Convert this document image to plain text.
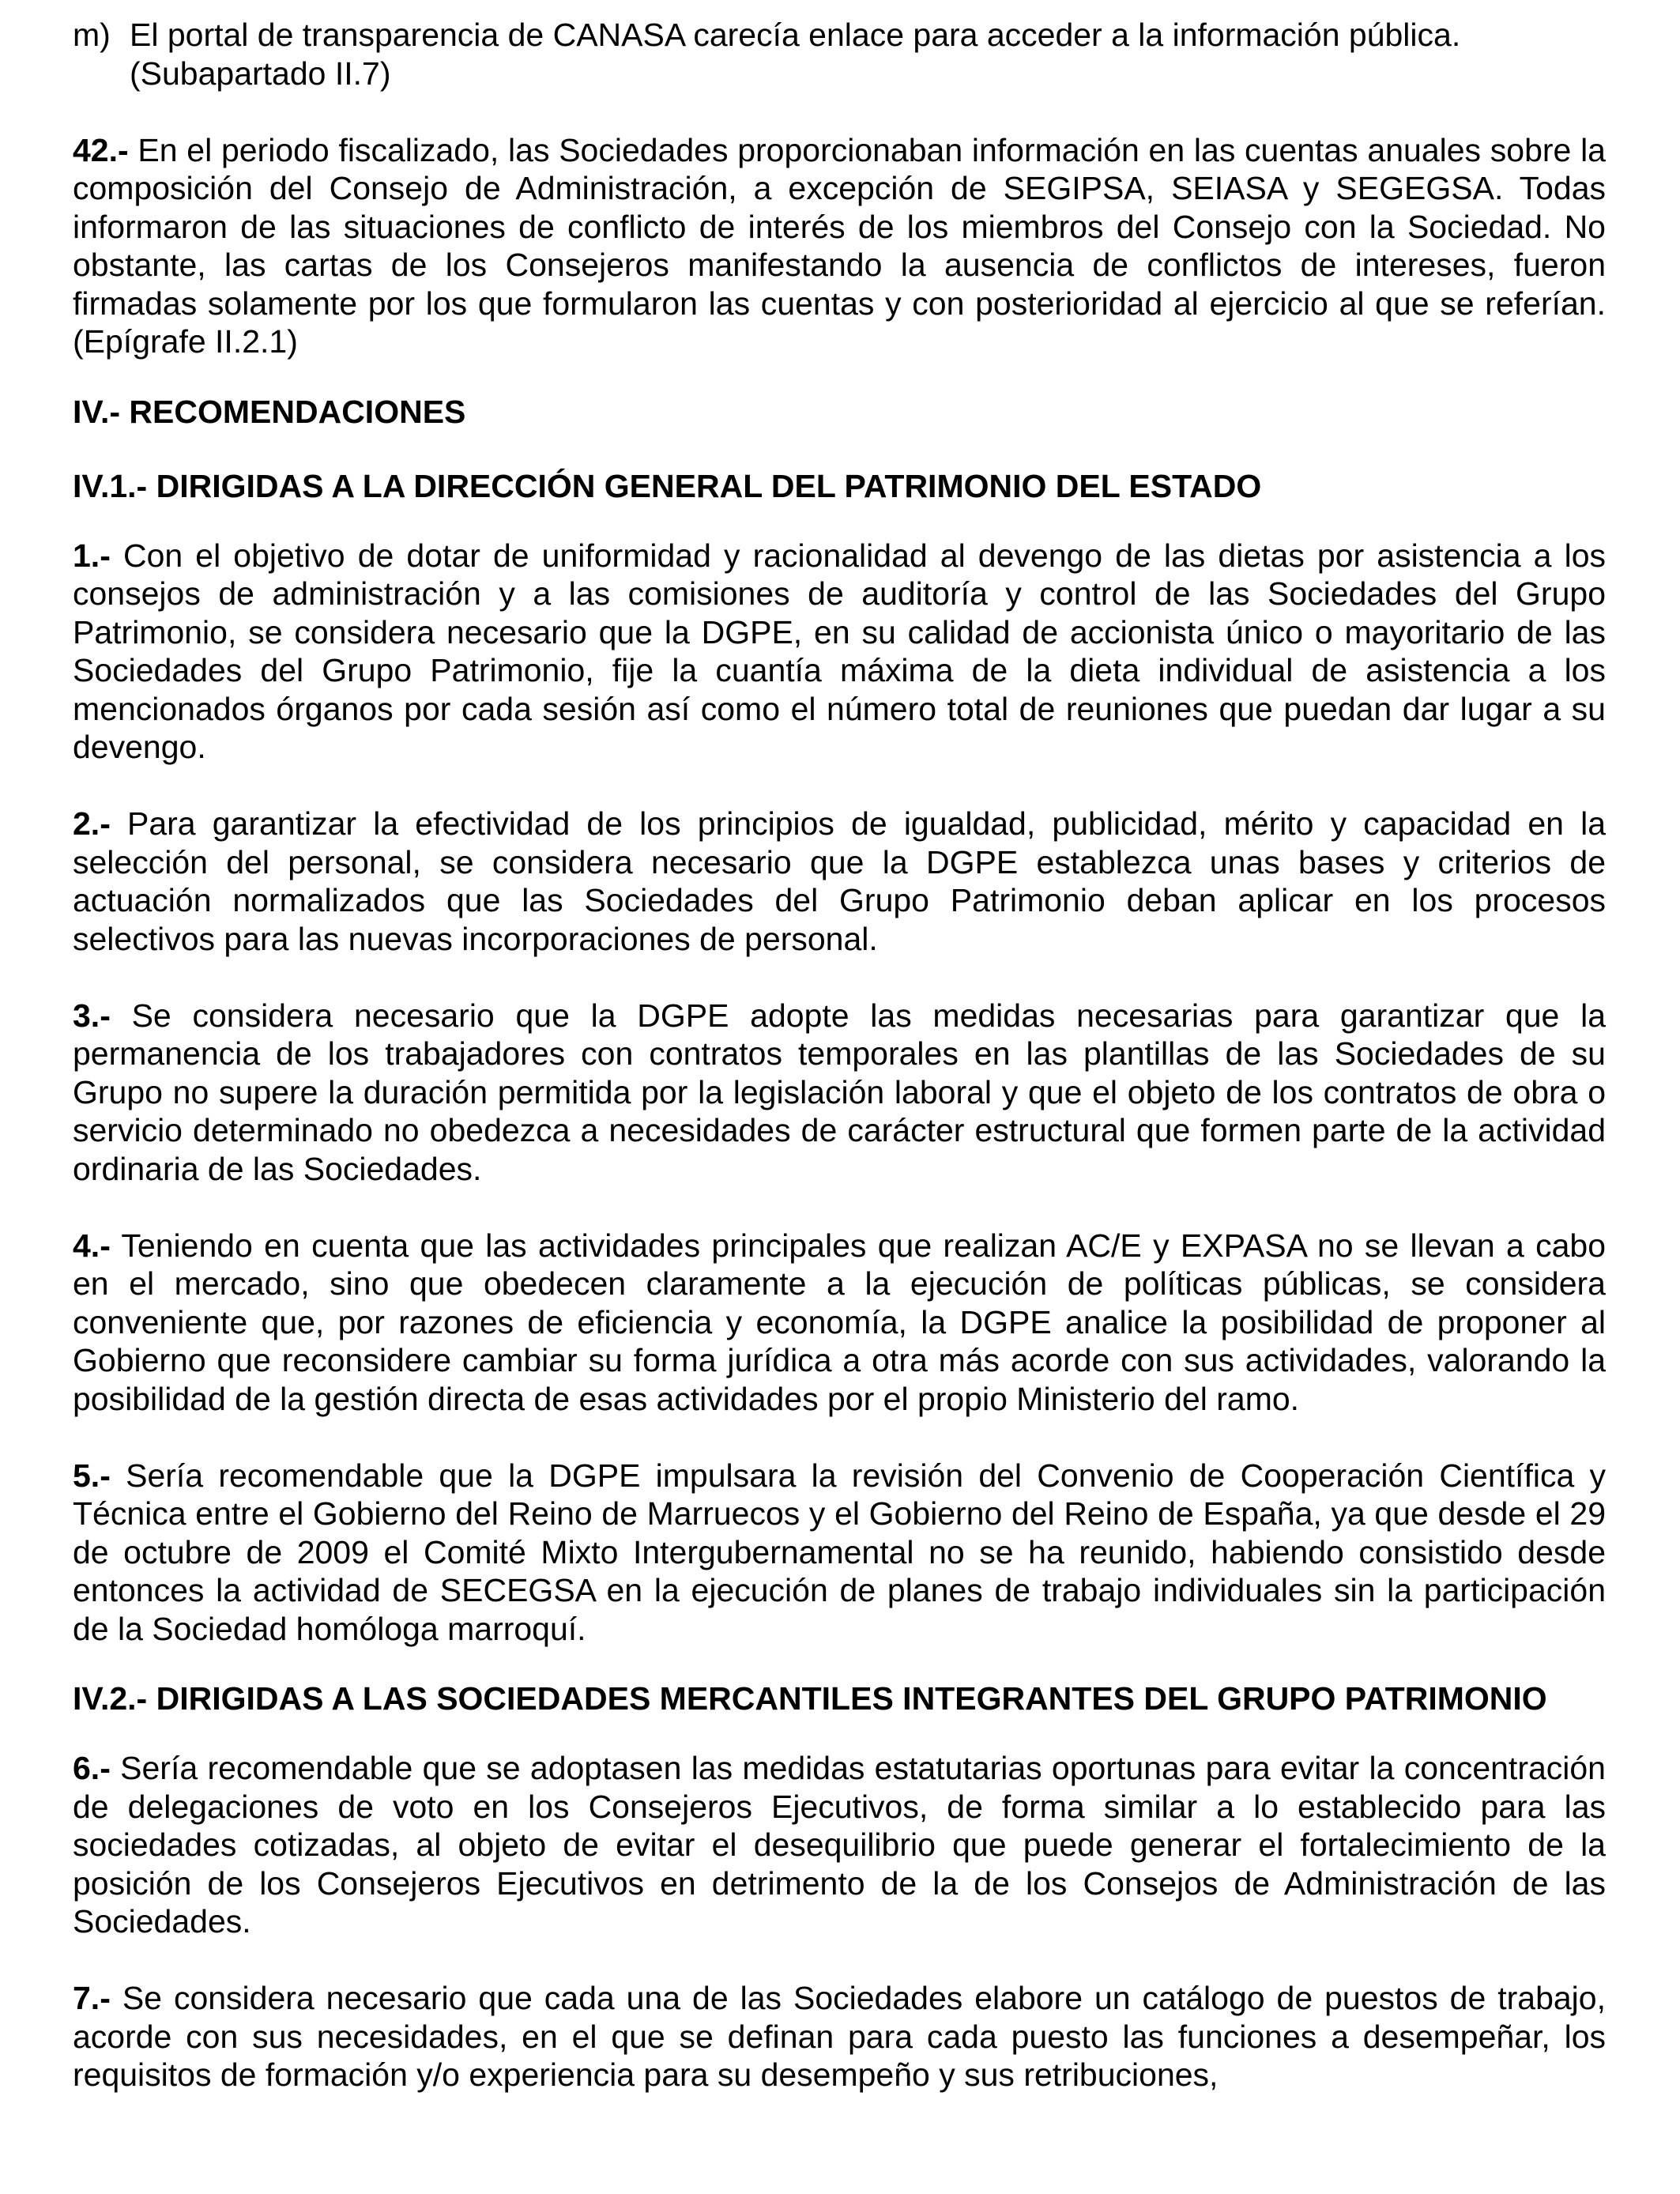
m) El portal de transparencia de CANASA carecía enlace para acceder a la información pública. (Subapartado II.7)

42.- En el periodo fiscalizado, las Sociedades proporcionaban información en las cuentas anuales sobre la composición del Consejo de Administración, a excepción de SEGIPSA, SEIASA y SEGEGSA. Todas informaron de las situaciones de conflicto de interés de los miembros del Consejo con la Sociedad. No obstante, las cartas de los Consejeros manifestando la ausencia de conflictos de intereses, fueron firmadas solamente por los que formularon las cuentas y con posterioridad al ejercicio al que se referían. (Epígrafe II.2.1)

IV.- RECOMENDACIONES
IV.1.- DIRIGIDAS A LA DIRECCIÓN GENERAL DEL PATRIMONIO DEL ESTADO

1.- Con el objetivo de dotar de uniformidad y racionalidad al devengo de las dietas por asistencia a los consejos de administración y a las comisiones de auditoría y control de las Sociedades del Grupo Patrimonio, se considera necesario que la DGPE, en su calidad de accionista único o mayoritario de las Sociedades del Grupo Patrimonio, fije la cuantía máxima de la dieta individual de asistencia a los mencionados órganos por cada sesión así como el número total de reuniones que puedan dar lugar a su devengo.

2.- Para garantizar la efectividad de los principios de igualdad, publicidad, mérito y capacidad en la selección del personal, se considera necesario que la DGPE establezca unas bases y criterios de actuación normalizados que las Sociedades del Grupo Patrimonio deban aplicar en los procesos selectivos para las nuevas incorporaciones de personal.

3.- Se considera necesario que la DGPE adopte las medidas necesarias para garantizar que la permanencia de los trabajadores con contratos temporales en las plantillas de las Sociedades de su Grupo no supere la duración permitida por la legislación laboral y que el objeto de los contratos de obra o servicio determinado no obedezca a necesidades de carácter estructural que formen parte de la actividad ordinaria de las Sociedades.

4.- Teniendo en cuenta que las actividades principales que realizan AC/E y EXPASA no se llevan a cabo en el mercado, sino que obedecen claramente a la ejecución de políticas públicas, se considera conveniente que, por razones de eficiencia y economía, la DGPE analice la posibilidad de proponer al Gobierno que reconsidere cambiar su forma jurídica a otra más acorde con sus actividades, valorando la posibilidad de la gestión directa de esas actividades por el propio Ministerio del ramo.

5.- Sería recomendable que la DGPE impulsara la revisión del Convenio de Cooperación Científica y Técnica entre el Gobierno del Reino de Marruecos y el Gobierno del Reino de España, ya que desde el 29 de octubre de 2009 el Comité Mixto Intergubernamental no se ha reunido, habiendo consistido desde entonces la actividad de SECEGSA en la ejecución de planes de trabajo individuales sin la participación de la Sociedad homóloga marroquí.

IV.2.- DIRIGIDAS A LAS SOCIEDADES MERCANTILES INTEGRANTES DEL GRUPO PATRIMONIO

6.- Sería recomendable que se adoptasen las medidas estatutarias oportunas para evitar la concentración de delegaciones de voto en los Consejeros Ejecutivos, de forma similar a lo establecido para las sociedades cotizadas, al objeto de evitar el desequilibrio que puede generar el fortalecimiento de la posición de los Consejeros Ejecutivos en detrimento de la de los Consejos de Administración de las Sociedades.

7.- Se considera necesario que cada una de las Sociedades elabore un catálogo de puestos de trabajo, acorde con sus necesidades, en el que se definan para cada puesto las funciones a desempeñar, los requisitos de formación y/o experiencia para su desempeño y sus retribuciones,
